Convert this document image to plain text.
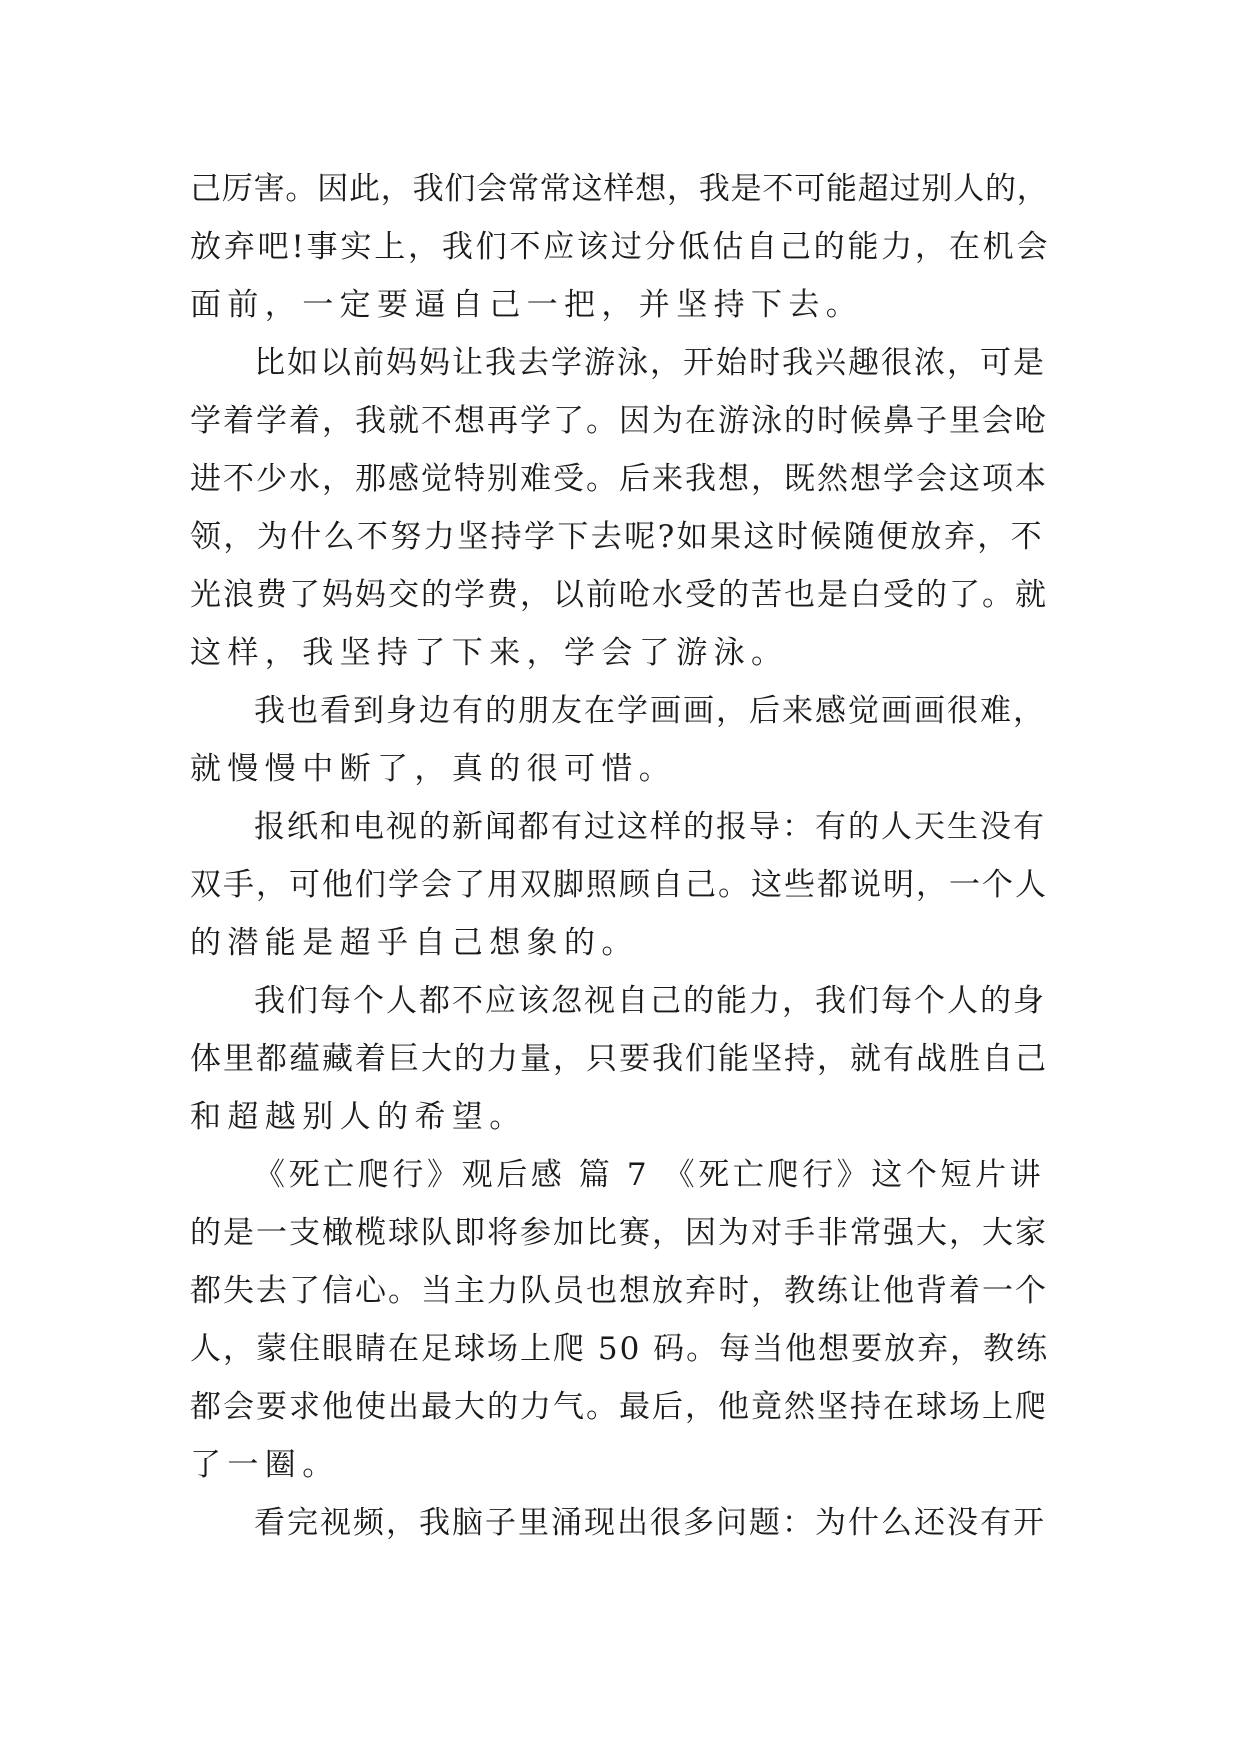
己厉害。因此，我们会常常这样想，我是不可能超过别人的，
放弃吧!事实上，我们不应该过分低估自己的能力，在机会
面前，一定要逼自己一把，并坚持下去。
比如以前妈妈让我去学游泳，开始时我兴趣很浓，可是
学着学着，我就不想再学了。因为在游泳的时候鼻子里会呛
进不少水，那感觉特别难受。后来我想，既然想学会这项本
领，为什么不努力坚持学下去呢?如果这时候随便放弃，不
光浪费了妈妈交的学费，以前呛水受的苦也是白受的了。就
这样，我坚持了下来，学会了游泳。
我也看到身边有的朋友在学画画，后来感觉画画很难，
就慢慢中断了，真的很可惜。
报纸和电视的新闻都有过这样的报导：有的人天生没有
双手，可他们学会了用双脚照顾自己。这些都说明，一个人
的潜能是超乎自己想象的。
我们每个人都不应该忽视自己的能力，我们每个人的身
体里都蕴藏着巨大的力量，只要我们能坚持，就有战胜自己
和超越别人的希望。
《死亡爬行》观后感 篇 7 《死亡爬行》这个短片讲
的是一支橄榄球队即将参加比赛，因为对手非常强大，大家
都失去了信心。当主力队员也想放弃时，教练让他背着一个
人，蒙住眼睛在足球场上爬 50 码。每当他想要放弃，教练
都会要求他使出最大的力气。最后，他竟然坚持在球场上爬
了一圈。
看完视频，我脑子里涌现出很多问题：为什么还没有开
